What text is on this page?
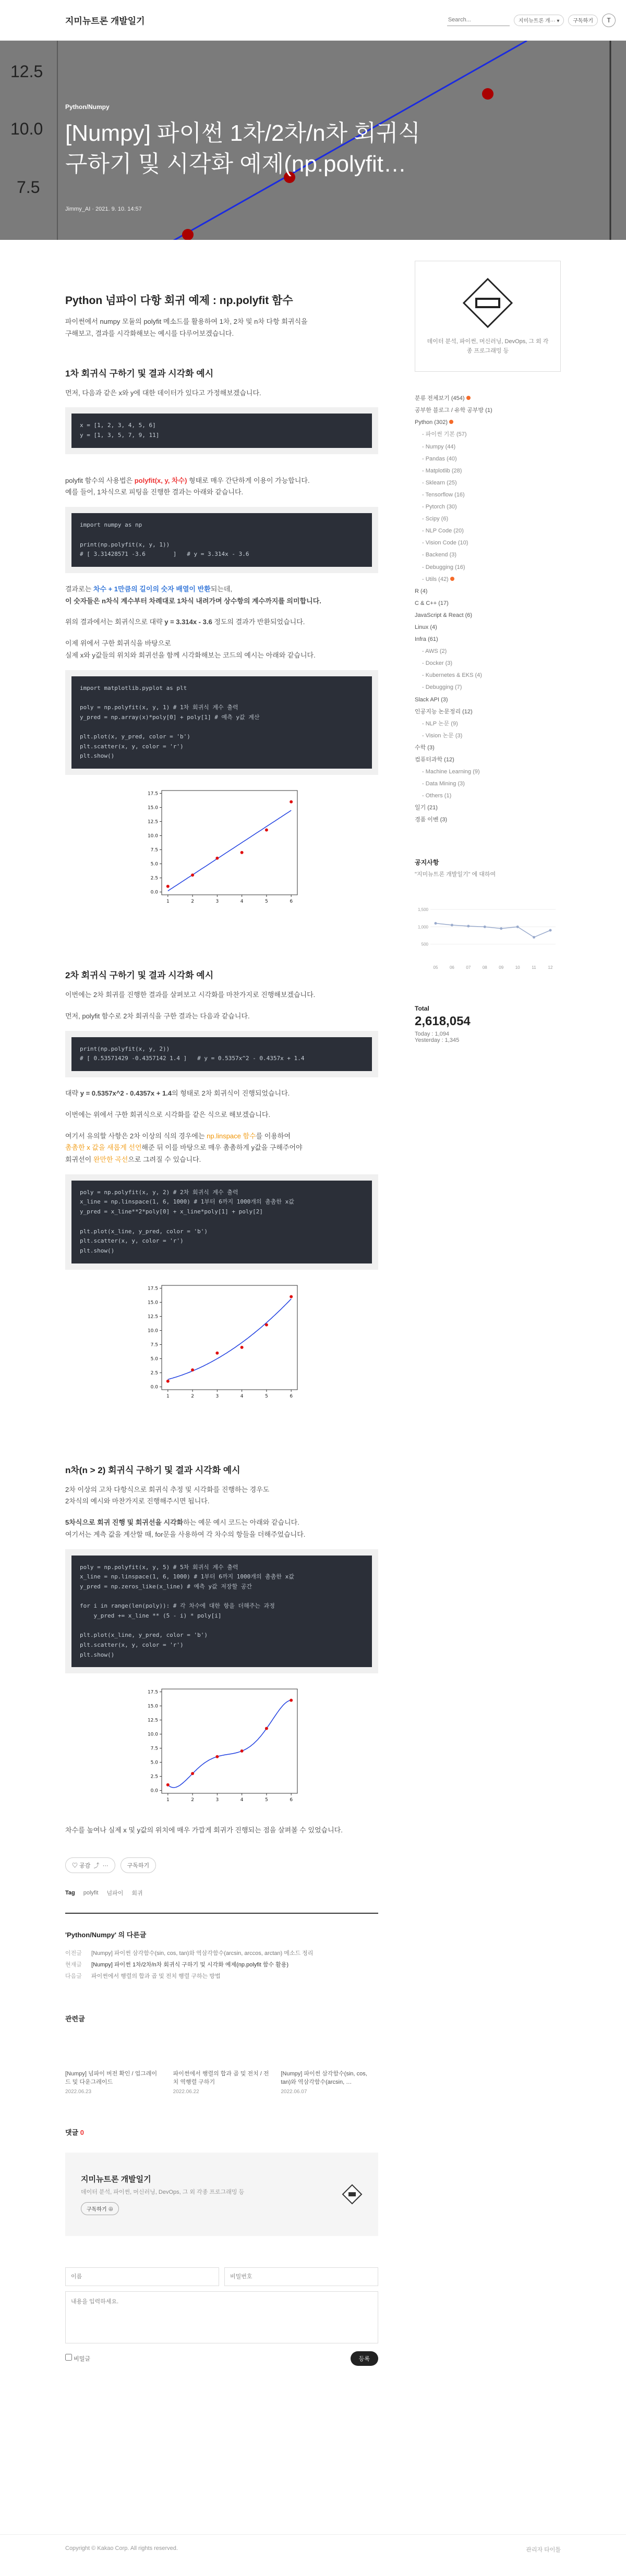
지미뉴트론 개발일기
Search...	지미뉴트론 개··· ▾	구독하기	T
12.5
10.0
7.5
Python/Numpy
[Numpy] 파이썬 1차/2차/n차 회귀식 구하기 및 시각화 예제(np.polyfit…
Jimmy_AI · 2021. 9. 10. 14:57
Python 넘파이 다항 회귀 예제 : np.polyfit 함수

파이썬에서 numpy 모듈의 polyfit 메소드를 활용하여 1차, 2차 및 n차 다항 회귀식을
구해보고, 결과를 시각화해보는 예시를 다루어보겠습니다.

1차 회귀식 구하기 및 결과 시각화 예시

먼저, 다음과 같은 x와 y에 대한 데이터가 있다고 가정해보겠습니다.

x = [1, 2, 3, 4, 5, 6]
y = [1, 3, 5, 7, 9, 11]

polyfit 함수의 사용법은 polyfit(x, y, 차수) 형태로 매우 간단하게 이용이 가능합니다.
예를 들어, 1차식으로 피팅을 진행한 결과는 아래와 같습니다.

import numpy as np

print(np.polyfit(x, y, 1))
# [ 3.31428571 -3.6        ]   # y = 3.314x - 3.6

결과로는 차수 + 1만큼의 길이의 숫자 배열이 반환되는데,
이 숫자들은 n차식 계수부터 차례대로 1차식 내려가며 상수항의 계수까지를 의미합니다.

위의 결과에서는 회귀식으로 대략 y = 3.314x - 3.6 정도의 결과가 반환되었습니다.

이제 위에서 구한 회귀식을 바탕으로
실제 x와 y값들의 위치와 회귀선을 함께 시각화해보는 코드의 예시는 아래와 같습니다.

import matplotlib.pyplot as plt

poly = np.polyfit(x, y, 1) # 1차 회귀식 계수 출력
y_pred = np.array(x)*poly[0] + poly[1] # 예측 y값 계산

plt.plot(x, y_pred, color = 'b')
plt.scatter(x, y, color = 'r')
plt.show()
0.0
2.5
5.0
7.5
10.0
12.5
15.0
17.5
1	2	3	4	5	6
2차 회귀식 구하기 및 결과 시각화 예시

이번에는 2차 회귀를 진행한 결과를 살펴보고 시각화를 마찬가지로 진행해보겠습니다.

먼저, polyfit 함수로 2차 회귀식을 구한 결과는 다음과 같습니다.

print(np.polyfit(x, y, 2))
# [ 0.53571429 -0.4357142 1.4 ]   # y = 0.5357x^2 - 0.4357x + 1.4

대략 y = 0.5357x^2 - 0.4357x + 1.4의 형태로 2차 회귀식이 진행되었습니다.

이번에는 위에서 구한 회귀식으로 시각화를 같은 식으로 해보겠습니다.

여기서 유의할 사항은 2차 이상의 식의 경우에는 np.linspace 함수를 이용하여
촘촘한 x 값을 새롭게 선언해준 뒤 이를 바탕으로 매우 촘촘하게 y값을 구해주어야
회귀선이 완만한 곡선으로 그려질 수 있습니다.

poly = np.polyfit(x, y, 2) # 2차 회귀식 계수 출력
x_line = np.linspace(1, 6, 1000) # 1부터 6까지 1000개의 촘촘한 x값
y_pred = x_line**2*poly[0] + x_line*poly[1] + poly[2]

plt.plot(x_line, y_pred, color = 'b')
plt.scatter(x, y, color = 'r')
plt.show()
0.0
2.5
5.0
7.5
10.0
12.5
15.0
17.5
1	2	3	4	5	6
n차(n > 2) 회귀식 구하기 및 결과 시각화 예시

2차 이상의 고차 다항식으로 회귀식 추정 및 시각화를 진행하는 경우도
2차식의 예시와 마찬가지로 진행해주시면 됩니다.

5차식으로 회귀 진행 및 회귀선을 시각화하는 예문 예시 코드는 아래와 같습니다.
여기서는 계측 값을 계산할 때, for문을 사용하여 각 차수의 항들을 더해주었습니다.

poly = np.polyfit(x, y, 5) # 5차 회귀식 계수 출력
x_line = np.linspace(1, 6, 1000) # 1부터 6까지 1000개의 촘촘한 x값
y_pred = np.zeros_like(x_line) # 예측 y값 저장할 공간

for i in range(len(poly)): # 각 차수에 대한 항을 더해주는 과정
y_pred += x_line ** (5 - i) * poly[i]

plt.plot(x_line, y_pred, color = 'b')
plt.scatter(x, y, color = 'r')
plt.show()
0.0
2.5
5.0
7.5
10.0
12.5
15.0
17.5
1	2	3	4	5	6

차수를 높여나 실제 x 및 y값의 위치에 매우 가깝게 회귀가 진행되는 점을 살펴볼 수 있었습니다.

♡ 공감 ⤴ ···	구독하기
Tag polyfit 넘파이 회귀
'Python/Numpy' 의 다른글
이전글	[Numpy] 파이썬 삼각함수(sin, cos, tan)와 역삼각함수(arcsin, arccos, arctan) 메소드 정리
현재글	[Numpy] 파이썬 1차/2차/n차 회귀식 구하기 및 시각화 예제(np.polyfit 함수 활용)
다음글	파이썬에서 행렬의 합과 곱 및 전치 행렬 구하는 방법
관련글
[Numpy] 넘파이 버전 확인 / 업그레이드 및 다운그레이드
2022.06.23
파이썬에서 행렬의 합과 곱 및 전치 / 전치 역행렬 구하기
2022.06.22
[Numpy] 파이썬 삼각함수(sin, cos, tan)와 역삼각함수(arcsin, …
2022.06.07
댓글 0
지미뉴트론 개발일기
데이터 분석, 파이썬, 머신러닝, DevOps, 그 외 각종 프로그래밍 등
구독하기 ⊕
이름
비밀번호
내용을 입력하세요.
비밀글	등록
데이터 분석, 파이썬, 머신러닝, DevOps, 그 외 각종 프로그래밍 등
분류 전체보기 (454)
공부한 블로그 / 유학 공부방 (1)
Python (302)
- 파이썬 기본 (57)
- Numpy (44)
- Pandas (40)
- Matplotlib (28)
- Sklearn (25)
- Tensorflow (16)
- Pytorch (30)
- Scipy (6)
- NLP Code (20)
- Vision Code (10)
- Backend (3)
- Debugging (16)
- Utils (42)
R (4)
C & C++ (17)
JavaScript & React (6)
Linux (4)
Infra (61)
- AWS (2)
- Docker (3)
- Kubernetes & EKS (4)
- Debugging (7)
Slack API (3)
인공지능 논문정리 (12)
- NLP 논문 (9)
- Vision 논문 (3)
수학 (3)
컴퓨터과학 (12)
- Machine Learning (9)
- Data Mining (3)
- Others (1)
일기 (21)
경품 이벤 (3)
공지사항
"지미뉴트론 개발일기" 에 대하여
1,500
1,000
500
05	06	07	08	09	10	11	12
Total
2,618,054
Today : 1,094
Yesterday : 1,345
Copyright © Kakao Corp. All rights reserved.	관리자 타이틀
